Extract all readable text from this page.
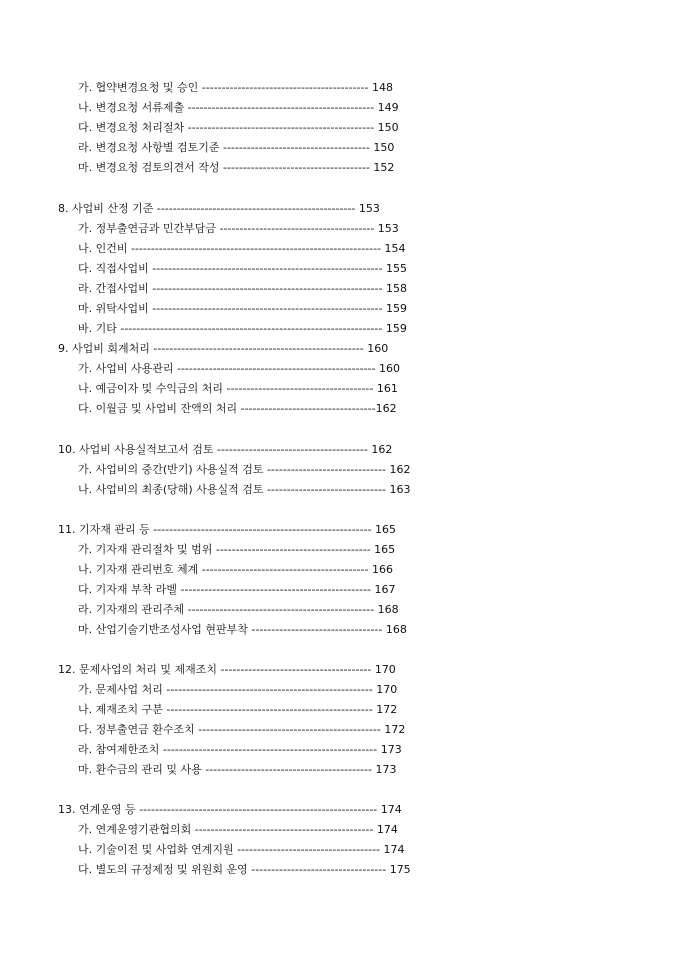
가. 협약변경요청 및 승인 ------------------------------------------ 148
나. 변경요청 서류제출 ----------------------------------------------- 149
다. 변경요청 처리절차 ----------------------------------------------- 150
라. 변경요청 사항별 검토기준 ------------------------------------- 150
마. 변경요청 검토의견서 작성 ------------------------------------- 152
8. 사업비 산정 기준 -------------------------------------------------- 153
가. 정부출연금과 민간부담금 --------------------------------------- 153
나. 인건비 --------------------------------------------------------------- 154
다. 직접사업비 ---------------------------------------------------------- 155
라. 간접사업비 ---------------------------------------------------------- 158
마. 위탁사업비 ---------------------------------------------------------- 159
바. 기타 ------------------------------------------------------------------ 159
9. 사업비 회계처리 ----------------------------------------------------- 160
가. 사업비 사용관리 -------------------------------------------------- 160
나. 예금이자 및 수익금의 처리 ------------------------------------- 161
다. 이월금 및 사업비 잔액의 처리 ----------------------------------162
10. 사업비 사용실적보고서 검토 -------------------------------------- 162
가. 사업비의 중간(반기) 사용실적 검토 ------------------------------ 162
나. 사업비의 최종(당해) 사용실적 검토 ------------------------------ 163
11. 기자재 관리 등 ------------------------------------------------------- 165
가. 기자재 관리절차 및 범위 --------------------------------------- 165
나. 기자재 관리번호 체계 ------------------------------------------ 166
다. 기자재 부착 라벨 ------------------------------------------------ 167
라. 기자재의 관리주체 ----------------------------------------------- 168
마. 산업기술기반조성사업 현판부착 --------------------------------- 168
12. 문제사업의 처리 및 제재조치 -------------------------------------- 170
가. 문제사업 처리 ---------------------------------------------------- 170
나. 제재조치 구분 ---------------------------------------------------- 172
다. 정부출연금 환수조치 ---------------------------------------------- 172
라. 참여제한조치 ------------------------------------------------------ 173
마. 환수금의 관리 및 사용 ------------------------------------------ 173
13. 연계운영 등 ------------------------------------------------------------ 174
가. 연계운영기관협의회 --------------------------------------------- 174
나. 기술이전 및 사업화 연계지원 ------------------------------------ 174
다. 별도의 규정제정 및 위원회 운영 ---------------------------------- 175
